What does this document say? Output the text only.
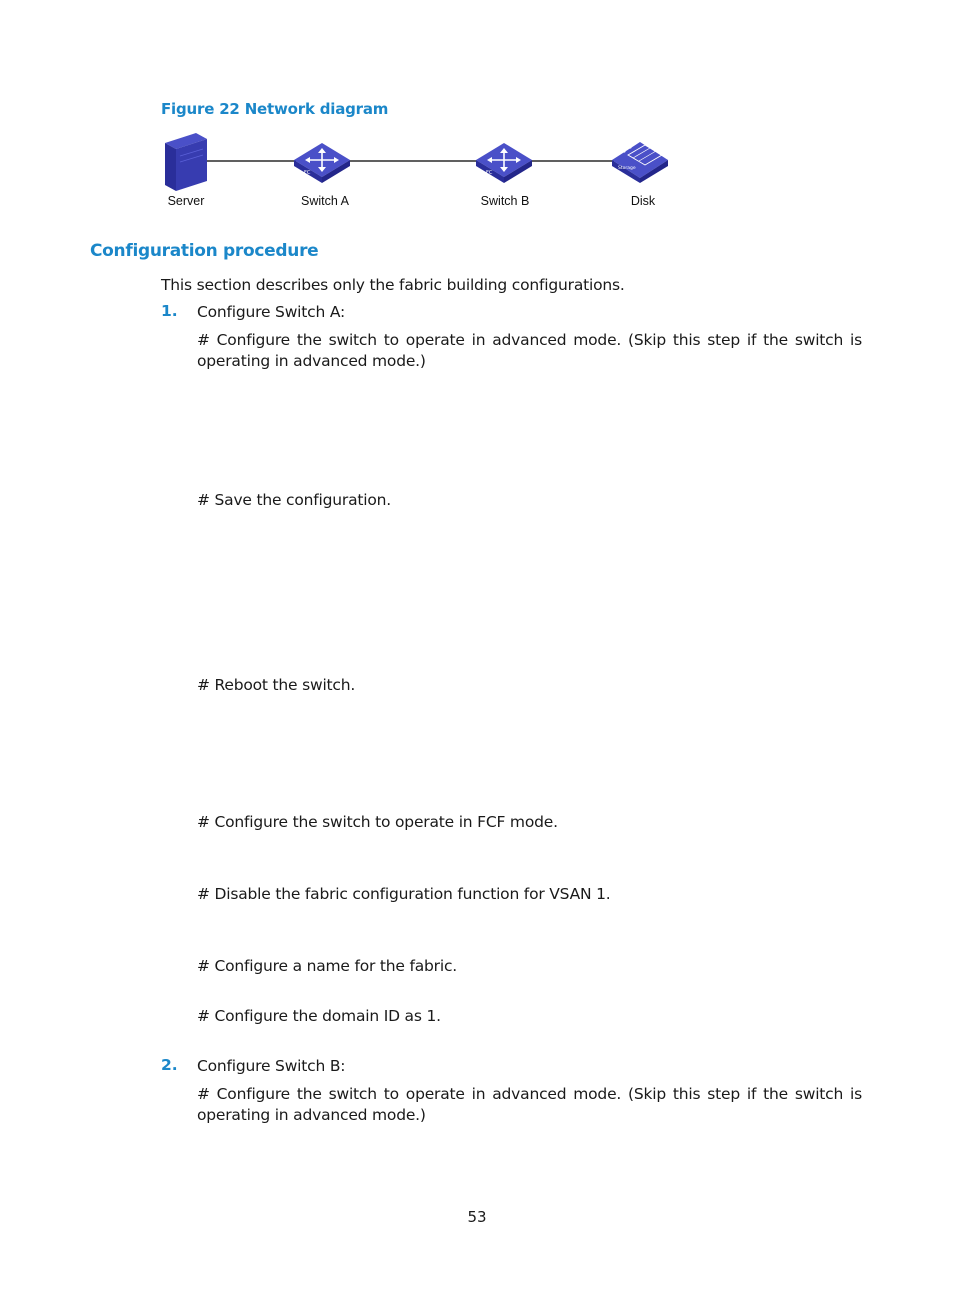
Figure 22 Network diagram
FC	FC
Storage
Server	Switch A	Switch B	Disk
Configuration procedure
This section describes only the fabric building configurations.
1. Configure Switch A:
# Configure the switch to operate in advanced mode. (Skip this step if the switch is operating in advanced mode.)
# Save the configuration.
# Reboot the switch.
# Configure the switch to operate in FCF mode.
# Disable the fabric configuration function for VSAN 1.
# Configure a name for the fabric.
# Configure the domain ID as 1.
2. Configure Switch B:
# Configure the switch to operate in advanced mode. (Skip this step if the switch is operating in advanced mode.)
53
